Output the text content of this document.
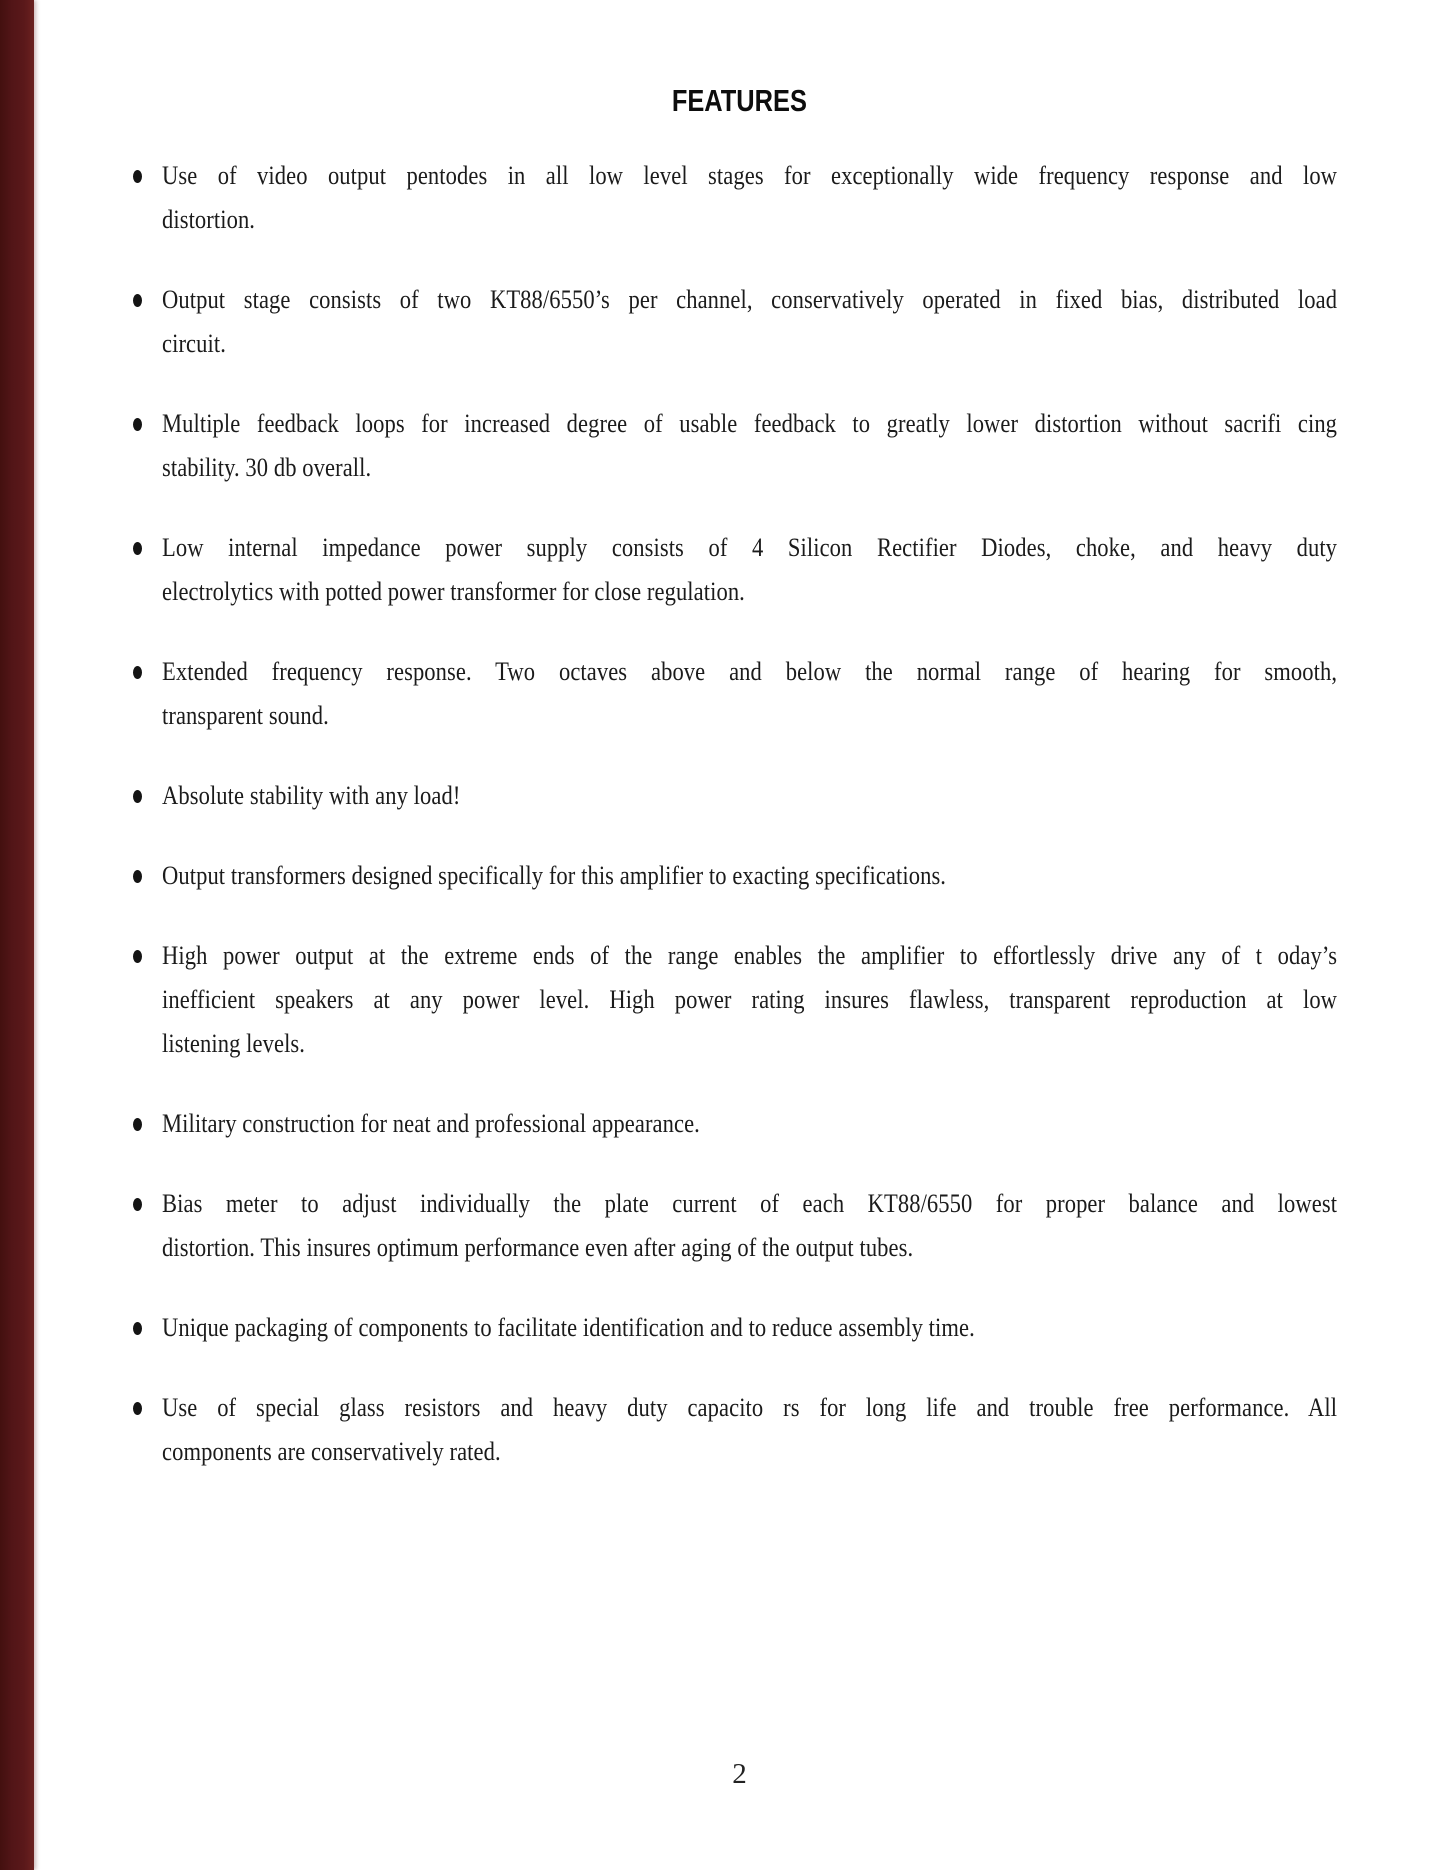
FEATURES
Use of video output pentodes in all low level stages for exceptionally wide frequency response and low
distortion.
Output stage consists of two KT88/6550’s per channel, conservatively operated in fixed bias, distributed load
circuit.
Multiple feedback loops for increased degree of usable feedback to greatly lower distortion without sacrifi cing
stability. 30 db overall.
Low internal impedance power supply consists of 4 Silicon Rectifier Diodes, choke, and heavy duty
electrolytics with potted power transformer for close regulation.
Extended frequency response. Two octaves above and below the normal range of hearing for smooth,
transparent sound.
Absolute stability with any load!
Output transformers designed specifically for this amplifier to exacting specifications.
High power output at the extreme ends of the range enables the amplifier to effortlessly drive any of t oday’s
inefficient speakers at any power level. High power rating insures flawless, transparent reproduction at low
listening levels.
Military construction for neat and professional appearance.
Bias meter to adjust individually the plate current of each KT88/6550 for proper balance and lowest
distortion. This insures optimum performance even after aging of the output tubes.
Unique packaging of components to facilitate identification and to reduce assembly time.
Use of special glass resistors and heavy duty capacito rs for long life and trouble free performance. All
components are conservatively rated.
2
